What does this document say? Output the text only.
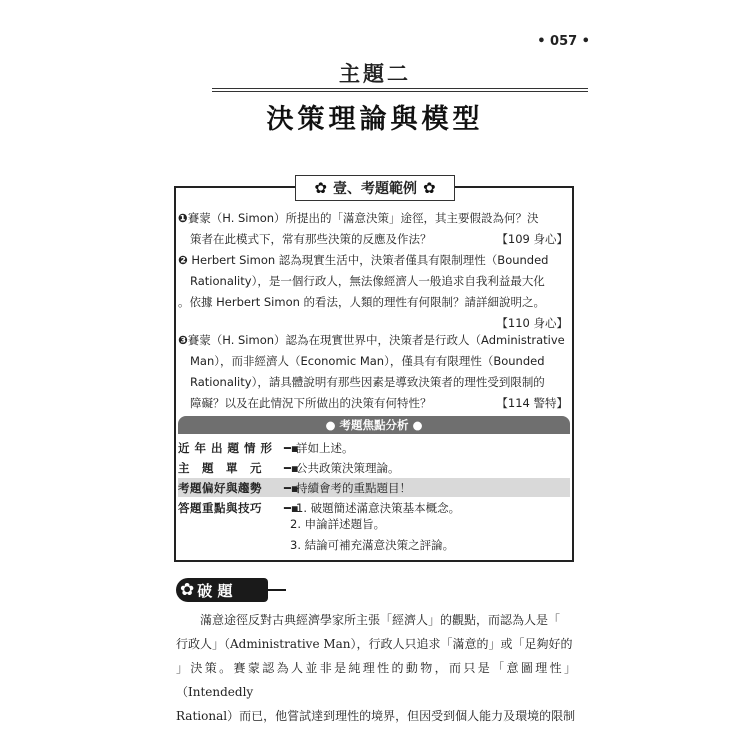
• 057 •
主題二
決策理論與模型
✿ 壹、考題範例 ✿
❶賽蒙（H. Simon）所提出的「滿意決策」途徑，其主要假設為何？決
策者在此模式下，常有那些決策的反應及作法？	【109 身心】
❷ Herbert Simon 認為現實生活中，決策者僅具有限制理性（Bounded
Rationality），是一個行政人，無法像經濟人一般追求自我利益最大化
。依據 Herbert Simon 的看法，人類的理性有何限制？請詳細說明之。
【110 身心】

❸賽蒙（H. Simon）認為在現實世界中，決策者是行政人（Administrative
Man），而非經濟人（Economic Man），僅具有有限理性（Bounded
Rationality），請具體說明有那些因素是導致決策者的理性受到限制的
障礙？以及在此情況下所做出的決策有何特性？	【114 警特】
● 考題焦點分析 ●
近 年 出 題 情 形 ━▪
詳如上述。
主　題　單　元	━▪
公共政策決策理論。
考題偏好與趨勢	━▪
持續會考的重點題目！
答題重點與技巧	━▪
1. 破題簡述滿意決策基本概念。
2. 申論詳述題旨。
3. 結論可補充滿意決策之評論。
✿ 破 題
　　滿意途徑反對古典經濟學家所主張「經濟人」的觀點，而認為人是「
行政人」（Administrative Man），行政人只追求「滿意的」或「足夠好的
」決策。賽蒙認為人並非是純理性的動物，而只是「意圖理性」（Intendedly
Rational）而已，他嘗試達到理性的境界，但因受到個人能力及環境的限制
